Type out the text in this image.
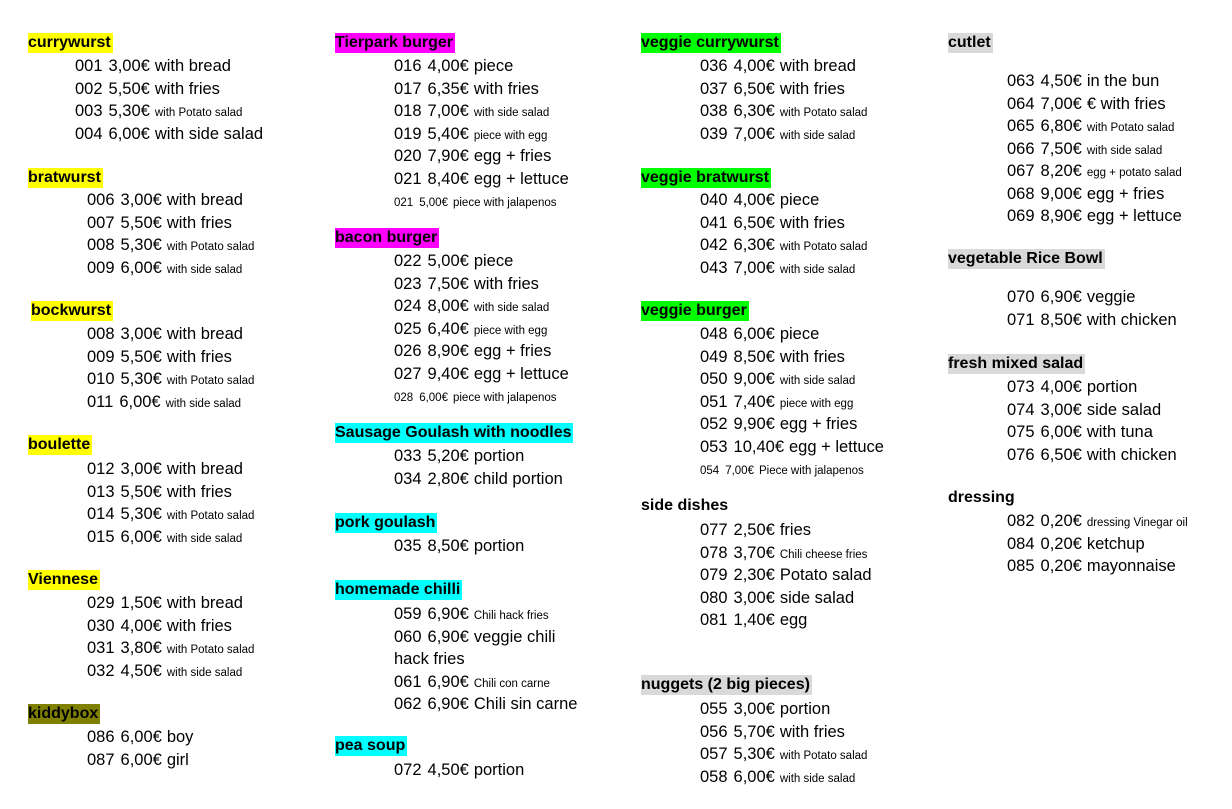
currywurst
001 3,00€ with bread
002 5,50€ with fries
003 5,30€ with Potato salad
004 6,00€ with side salad
bratwurst
006 3,00€ with bread
007 5,50€ with fries
008 5,30€ with Potato salad
009 6,00€ with side salad
bockwurst
008 3,00€ with bread
009 5,50€ with fries
010 5,30€ with Potato salad
011 6,00€ with side salad
boulette
012 3,00€ with bread
013 5,50€ with fries
014 5,30€ with Potato salad
015 6,00€ with side salad
Viennese
029 1,50€ with bread
030 4,00€ with fries
031 3,80€ with Potato salad
032 4,50€ with side salad
kiddybox
086 6,00€ boy
087 6,00€ girl
Tierpark burger
016 4,00€ piece
017 6,35€ with fries
018 7,00€ with side salad
019 5,40€ piece with egg
020 7,90€ egg + fries
021 8,40€ egg + lettuce
021 5,00€ piece with jalapenos
bacon burger
022 5,00€ piece
023 7,50€ with fries
024 8,00€ with side salad
025 6,40€ piece with egg
026 8,90€ egg + fries
027 9,40€ egg + lettuce
028 6,00€ piece with jalapenos
Sausage Goulash with noodles
033 5,20€ portion
034 2,80€ child portion
pork goulash
035 8,50€ portion
homemade chilli
059 6,90€ Chili hack fries
060 6,90€ veggie chili
hack fries
061 6,90€ Chili con carne
062 6,90€ Chili sin carne
pea soup
072 4,50€ portion
veggie currywurst
036 4,00€ with bread
037 6,50€ with fries
038 6,30€ with Potato salad
039 7,00€ with side salad
veggie bratwurst
040 4,00€ piece
041 6,50€ with fries
042 6,30€ with Potato salad
043 7,00€ with side salad
veggie burger
048 6,00€ piece
049 8,50€ with fries
050 9,00€ with side salad
051 7,40€ piece with egg
052 9,90€ egg + fries
053 10,40€ egg + lettuce
054 7,00€ Piece with jalapenos
side dishes
077 2,50€ fries
078 3,70€ Chili cheese fries
079 2,30€ Potato salad
080 3,00€ side salad
081 1,40€ egg
nuggets (2 big pieces)
055 3,00€ portion
056 5,70€ with fries
057 5,30€ with Potato salad
058 6,00€ with side salad
cutlet
063 4,50€ in the bun
064 7,00€ € with fries
065 6,80€ with Potato salad
066 7,50€ with side salad
067 8,20€ egg + potato salad
068 9,00€ egg + fries
069 8,90€ egg + lettuce
vegetable Rice Bowl
070 6,90€ veggie
071 8,50€ with chicken
fresh mixed salad
073 4,00€ portion
074 3,00€ side salad
075 6,00€ with tuna
076 6,50€ with chicken
dressing
082 0,20€ dressing Vinegar oil
084 0,20€ ketchup
085 0,20€ mayonnaise
